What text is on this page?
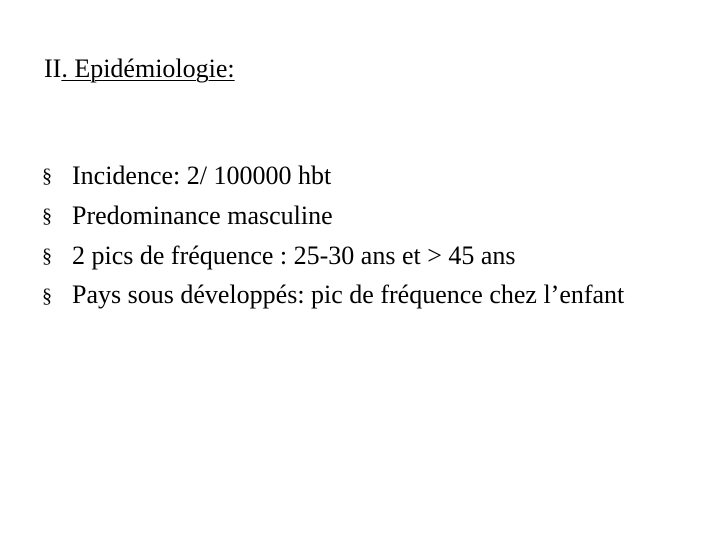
II. Epidémiologie:
§ Incidence: 2/ 100000 hbt
§ Predominance masculine
§ 2 pics de fréquence : 25-30 ans et > 45 ans
§ Pays sous développés: pic de fréquence chez l’enfant
